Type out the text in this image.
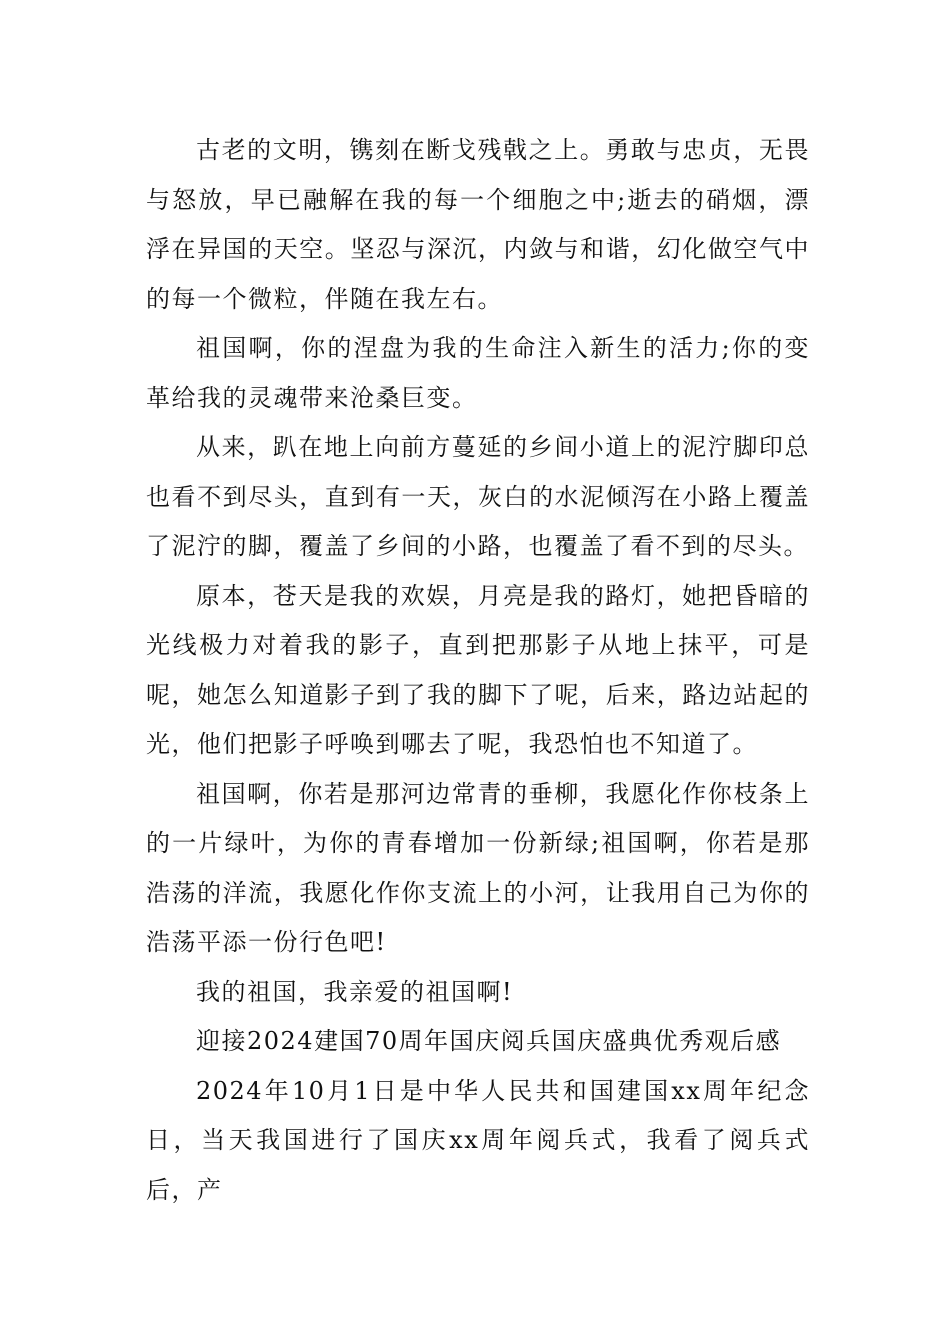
古老的文明，镌刻在断戈残戟之上。勇敢与忠贞，无畏与怒放，早已融解在我的每一个细胞之中;逝去的硝烟，漂浮在异国的天空。坚忍与深沉，内敛与和谐，幻化做空气中的每一个微粒，伴随在我左右。

祖国啊，你的涅盘为我的生命注入新生的活力;你的变革给我的灵魂带来沧桑巨变。

从来，趴在地上向前方蔓延的乡间小道上的泥泞脚印总也看不到尽头，直到有一天，灰白的水泥倾泻在小路上覆盖了泥泞的脚，覆盖了乡间的小路，也覆盖了看不到的尽头。

原本，苍天是我的欢娱，月亮是我的路灯，她把昏暗的光线极力对着我的影子，直到把那影子从地上抹平，可是呢，她怎么知道影子到了我的脚下了呢，后来，路边站起的光，他们把影子呼唤到哪去了呢，我恐怕也不知道了。

祖国啊，你若是那河边常青的垂柳，我愿化作你枝条上的一片绿叶，为你的青春增加一份新绿;祖国啊，你若是那浩荡的洋流，我愿化作你支流上的小河，让我用自己为你的浩荡平添一份行色吧!

我的祖国，我亲爱的祖国啊!

迎接2024建国70周年国庆阅兵国庆盛典优秀观后感

2024年10月1日是中华人民共和国建国xx周年纪念日，当天我国进行了国庆xx周年阅兵式，我看了阅兵式后，产
